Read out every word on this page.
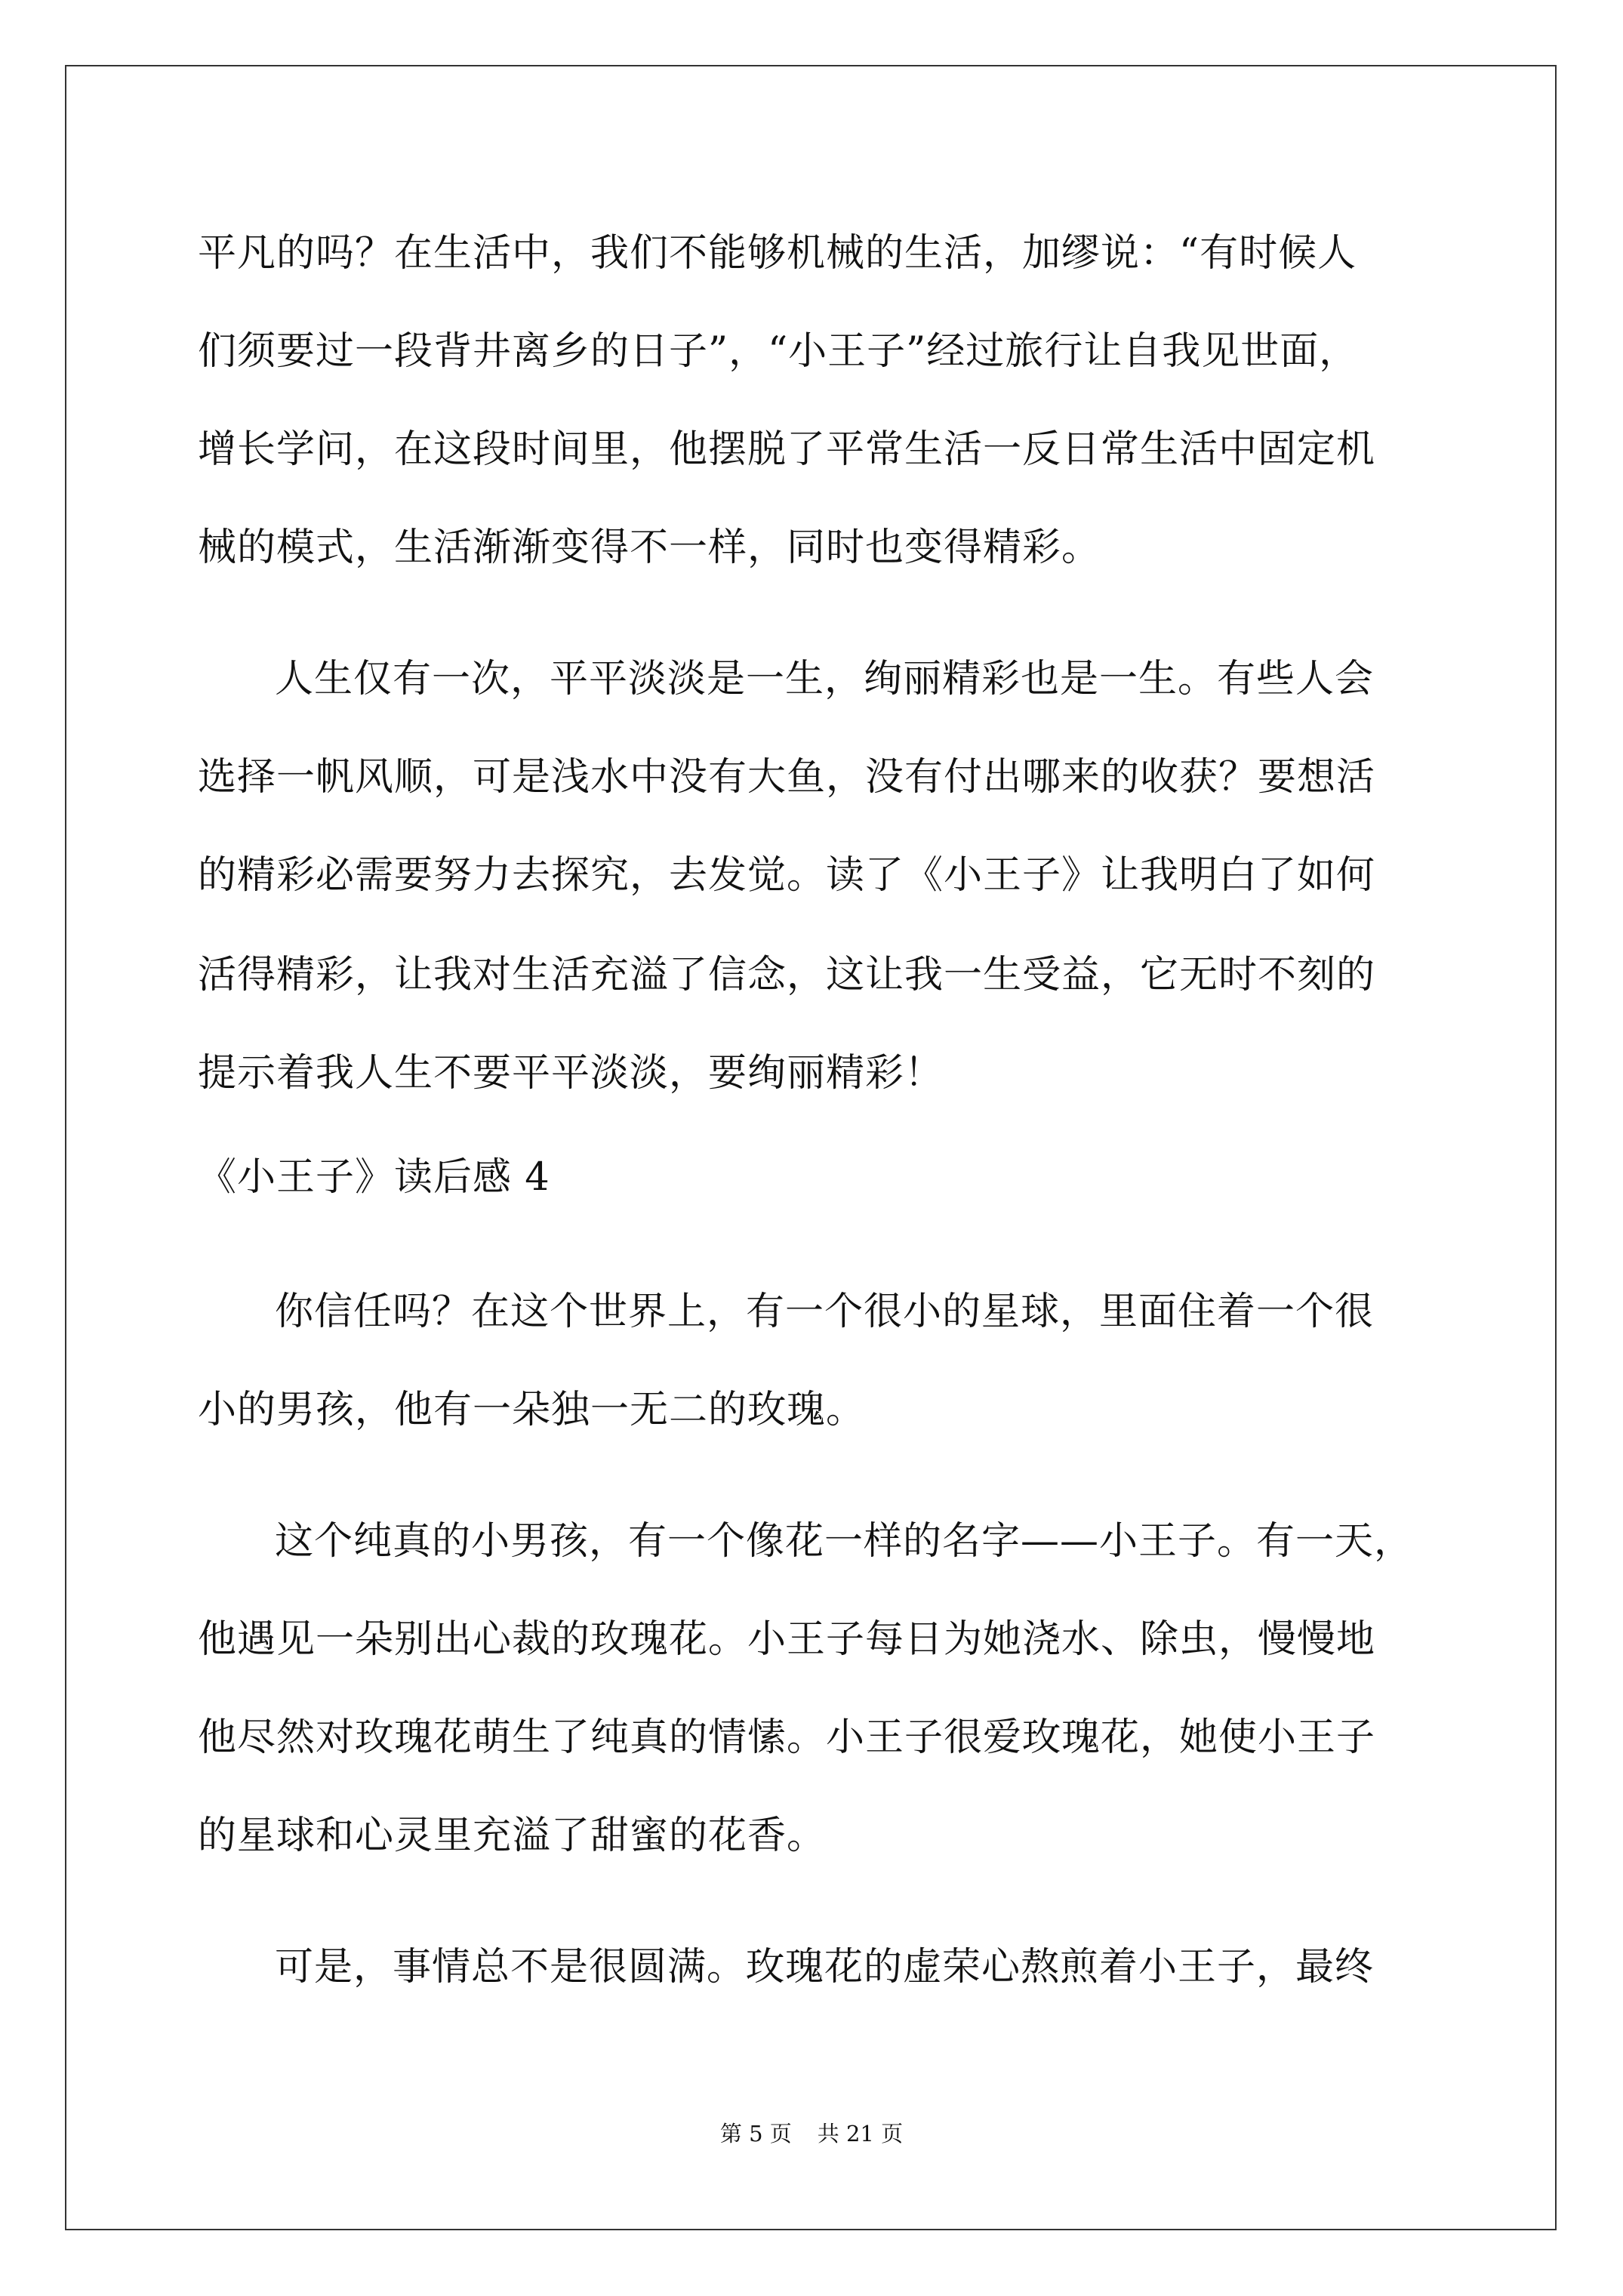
平凡的吗？在生活中，我们不能够机械的生活，加缪说：“有时候人
们须要过一段背井离乡的日子”，“小王子”经过旅行让自我见世面，
增长学问，在这段时间里，他摆脱了平常生活一反日常生活中固定机
械的模式，生活渐渐变得不一样，同时也变得精彩。
人生仅有一次，平平淡淡是一生，绚丽精彩也是一生。有些人会
选择一帆风顺，可是浅水中没有大鱼，没有付出哪来的收获？要想活
的精彩必需要努力去探究，去发觉。读了《小王子》让我明白了如何
活得精彩，让我对生活充溢了信念，这让我一生受益，它无时不刻的
提示着我人生不要平平淡淡，要绚丽精彩！
《小王子》读后感 4
你信任吗？在这个世界上，有一个很小的星球，里面住着一个很
小的男孩，他有一朵独一无二的玫瑰。
这个纯真的小男孩，有一个像花一样的名字——小王子。有一天，
他遇见一朵别出心裁的玫瑰花。小王子每日为她浇水、除虫，慢慢地
他尽然对玫瑰花萌生了纯真的情愫。小王子很爱玫瑰花，她使小王子
的星球和心灵里充溢了甜蜜的花香。
可是，事情总不是很圆满。玫瑰花的虚荣心熬煎着小王子，最终
第 5 页 共 21 页
